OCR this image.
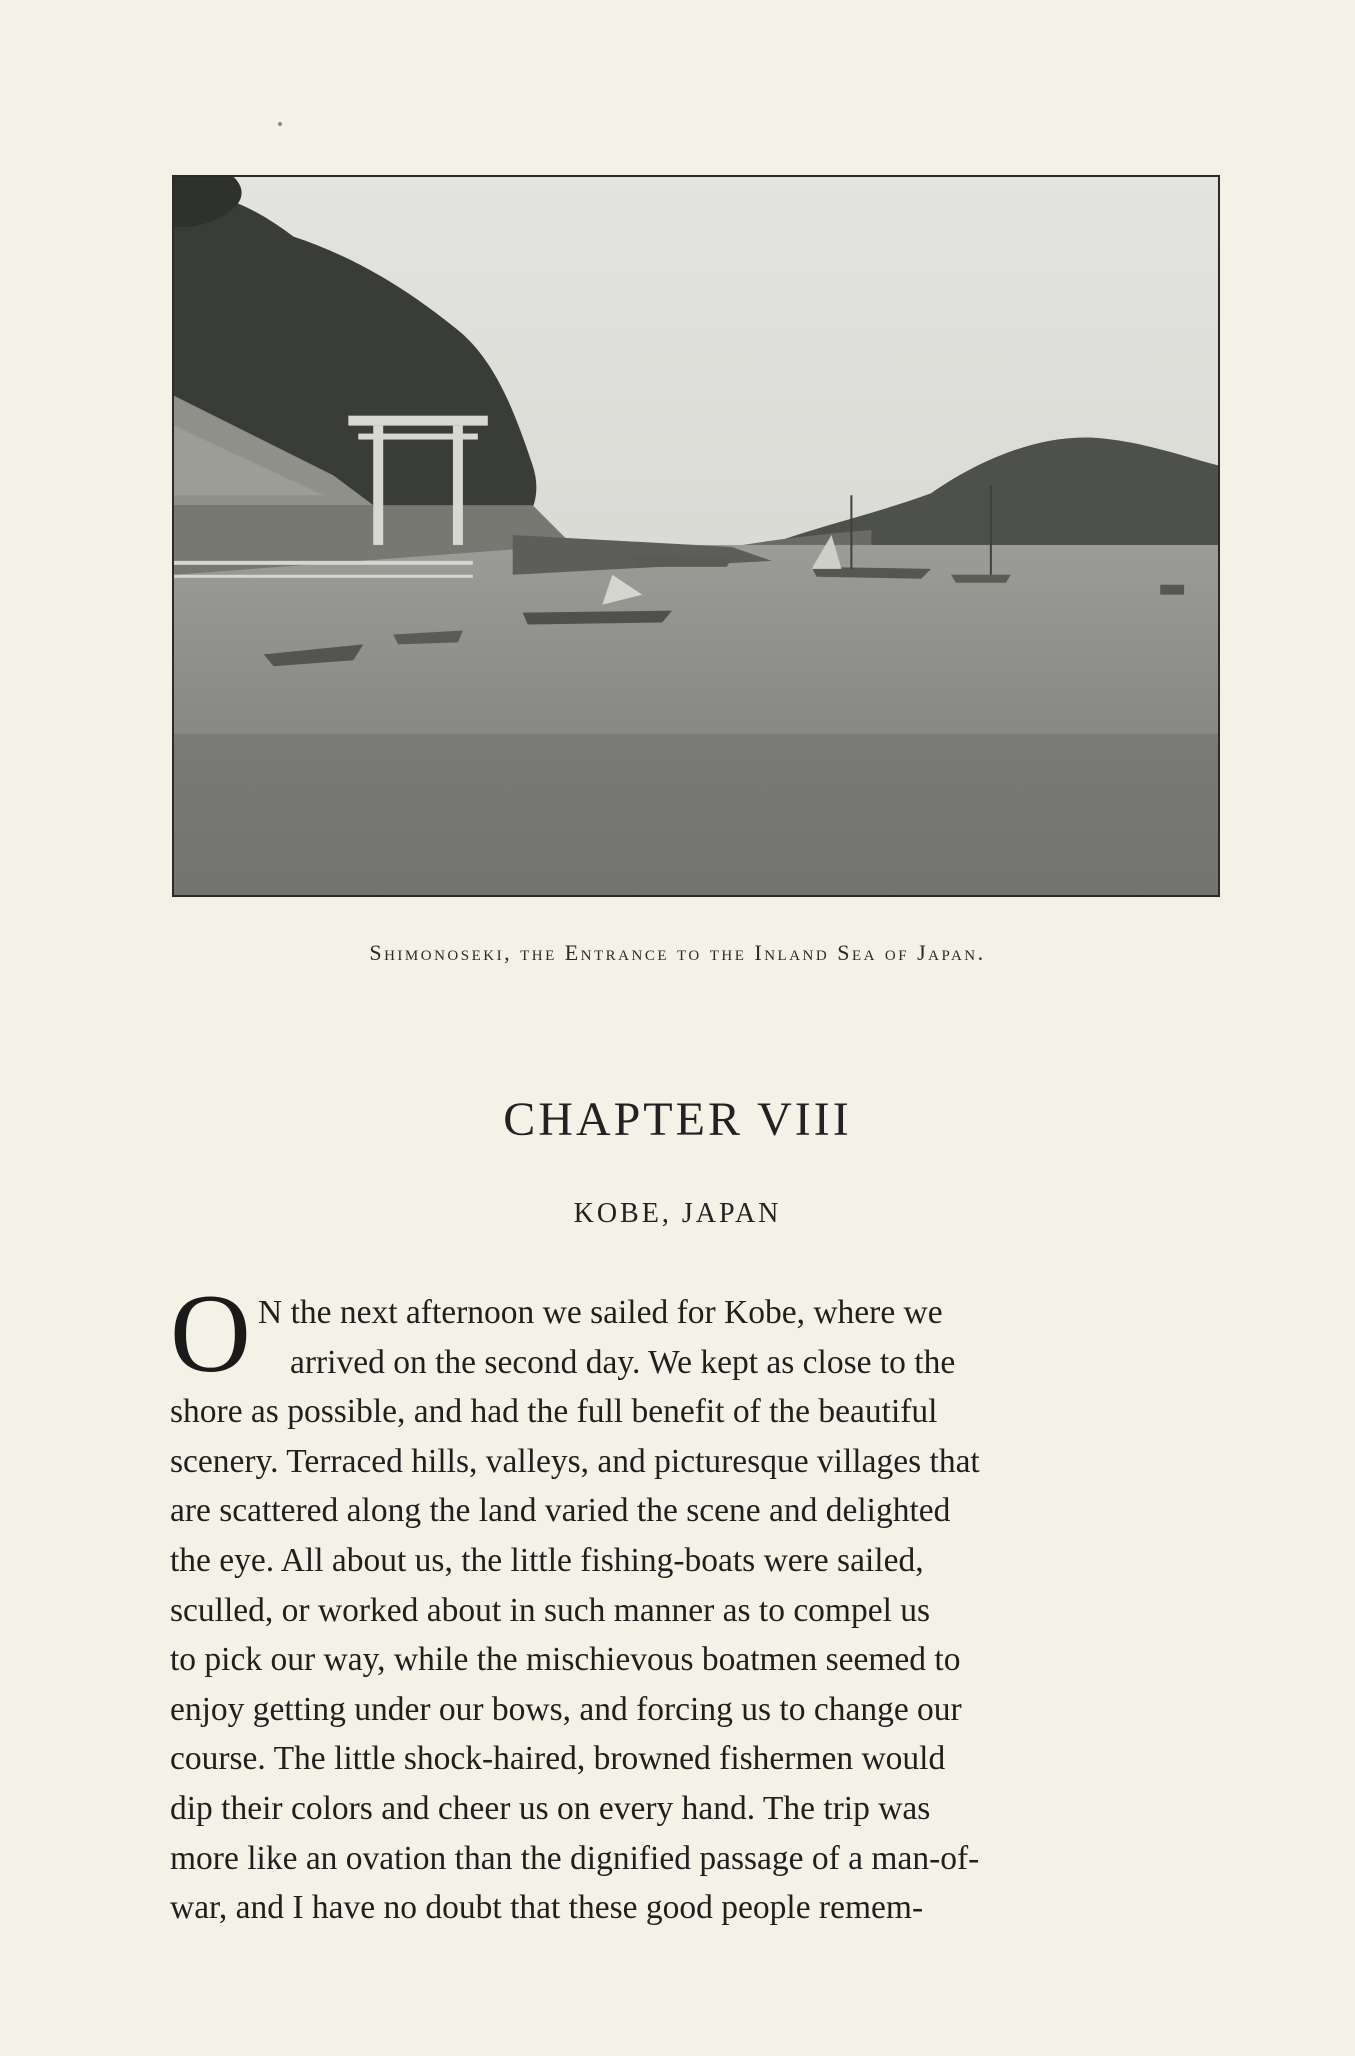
Shimonoseki, the Entrance to the Inland Sea of Japan.
CHAPTER VIII
KOBE, JAPAN
O N the next afternoon we sailed for Kobe, where we
arrived on the second day. We kept as close to the
shore as possible, and had the full benefit of the beautiful
scenery. Terraced hills, valleys, and picturesque villages that
are scattered along the land varied the scene and delighted
the eye. All about us, the little fishing-boats were sailed,
sculled, or worked about in such manner as to compel us
to pick our way, while the mischievous boatmen seemed to
enjoy getting under our bows, and forcing us to change our
course. The little shock-haired, browned fishermen would
dip their colors and cheer us on every hand. The trip was
more like an ovation than the dignified passage of a man-of-
war, and I have no doubt that these good people remem-
